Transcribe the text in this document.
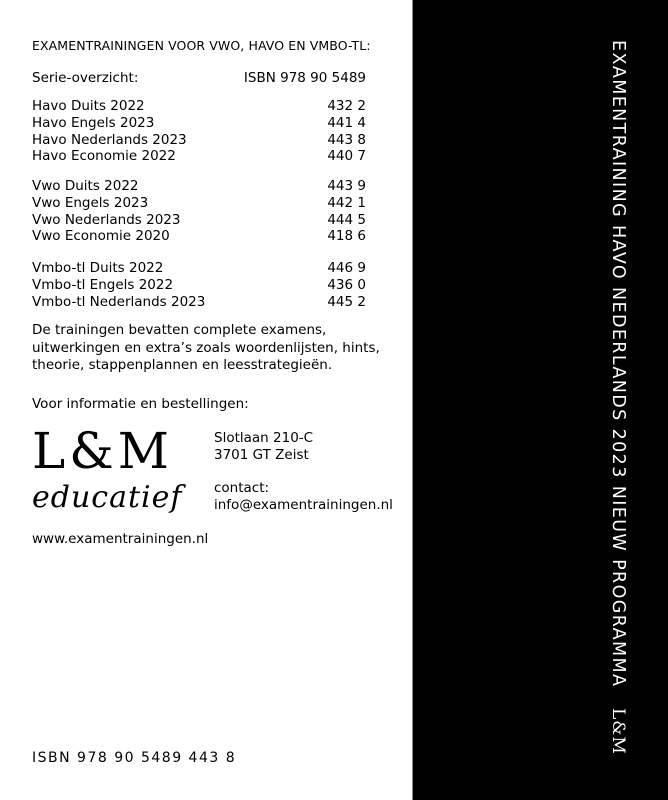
EXAMENTRAININGEN VOOR VWO, HAVO EN VMBO-TL:
Serie-overzicht:	ISBN 978 90 5489
Havo Duits 2022	432 2
Havo Engels 2023	441 4
Havo Nederlands 2023	443 8
Havo Economie 2022	440 7
Vwo Duits 2022	443 9
Vwo Engels 2023	442 1
Vwo Nederlands 2023	444 5
Vwo Economie 2020	418 6
Vmbo-tl Duits 2022	446 9
Vmbo-tl Engels 2022	436 0
Vmbo-tl Nederlands 2023	445 2
De trainingen bevatten complete examens,
uitwerkingen en extra’s zoals woordenlijsten, hints,
theorie, stappenplannen en leesstrategieën.
Voor informatie en bestellingen:
L&M
educatief
Slotlaan 210-C
3701 GT Zeist
contact:
info@examentrainingen.nl
www.examentrainingen.nl
ISBN 978 90 5489 443 8
EXAMENTRAINING HAVO NEDERLANDS 2023 NIEUW PROGRAMMA
L&M
